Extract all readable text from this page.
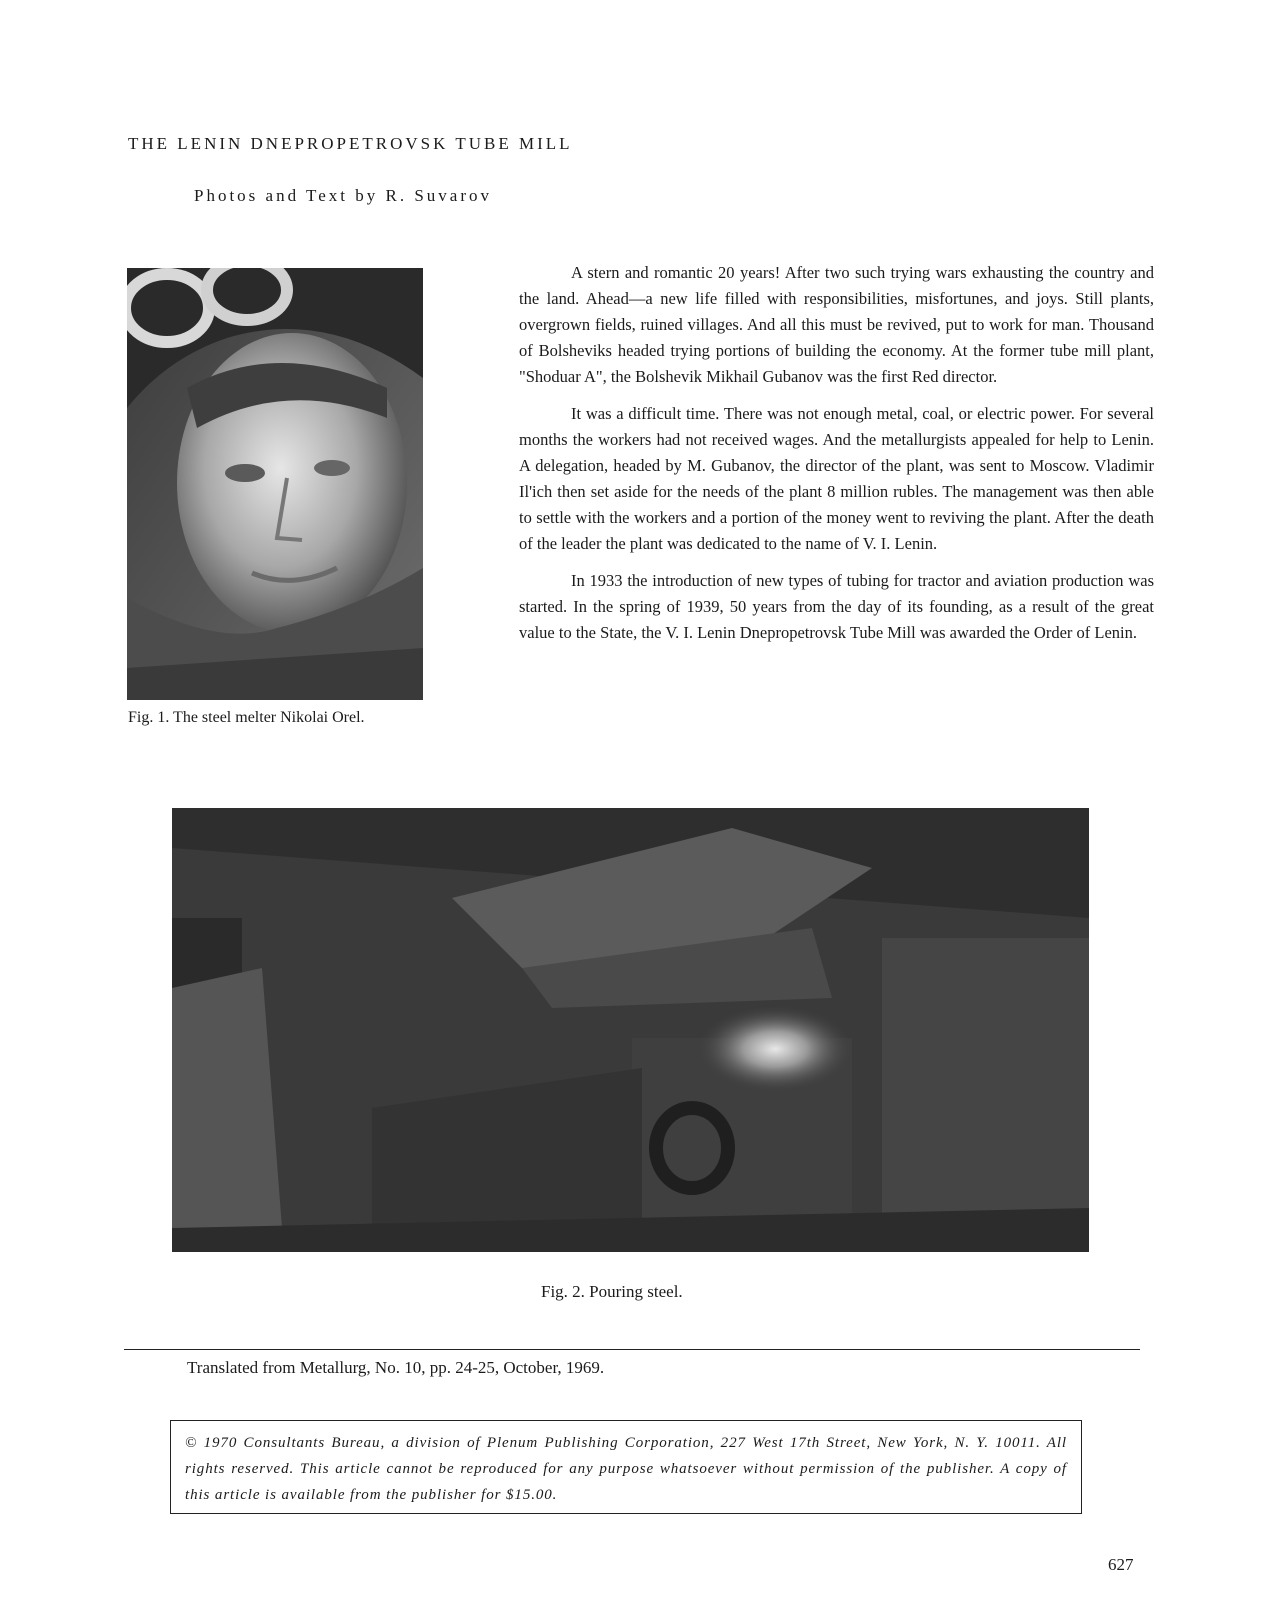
THE LENIN DNEPROPETROVSK TUBE MILL
Photos and Text by R. Suvarov
Fig. 1. The steel melter Nikolai Orel.

A stern and romantic 20 years! After two such trying wars exhausting the country and the land. Ahead—a new life filled with responsibilities, misfortunes, and joys. Still plants, overgrown fields, ruined villages. And all this must be revived, put to work for man. Thousand of Bolsheviks headed trying portions of building the economy. At the former tube mill plant, "Shoduar A", the Bolshevik Mikhail Gubanov was the first Red director.

It was a difficult time. There was not enough metal, coal, or electric power. For several months the workers had not received wages. And the metallurgists appealed for help to Lenin. A delegation, headed by M. Gubanov, the director of the plant, was sent to Moscow. Vladimir Il'ich then set aside for the needs of the plant 8 million rubles. The management was then able to settle with the workers and a portion of the money went to reviving the plant. After the death of the leader the plant was dedicated to the name of V. I. Lenin.

In 1933 the introduction of new types of tubing for tractor and aviation production was started. In the spring of 1939, 50 years from the day of its founding, as a result of the great value to the State, the V. I. Lenin Dnepropetrovsk Tube Mill was awarded the Order of Lenin.

Fig. 2. Pouring steel.
Translated from Metallurg, No. 10, pp. 24-25, October, 1969.
© 1970 Consultants Bureau, a division of Plenum Publishing Corporation, 227 West 17th Street, New York, N. Y. 10011. All rights reserved. This article cannot be reproduced for any purpose whatsoever without permission of the publisher. A copy of this article is available from the publisher for $15.00.
627
